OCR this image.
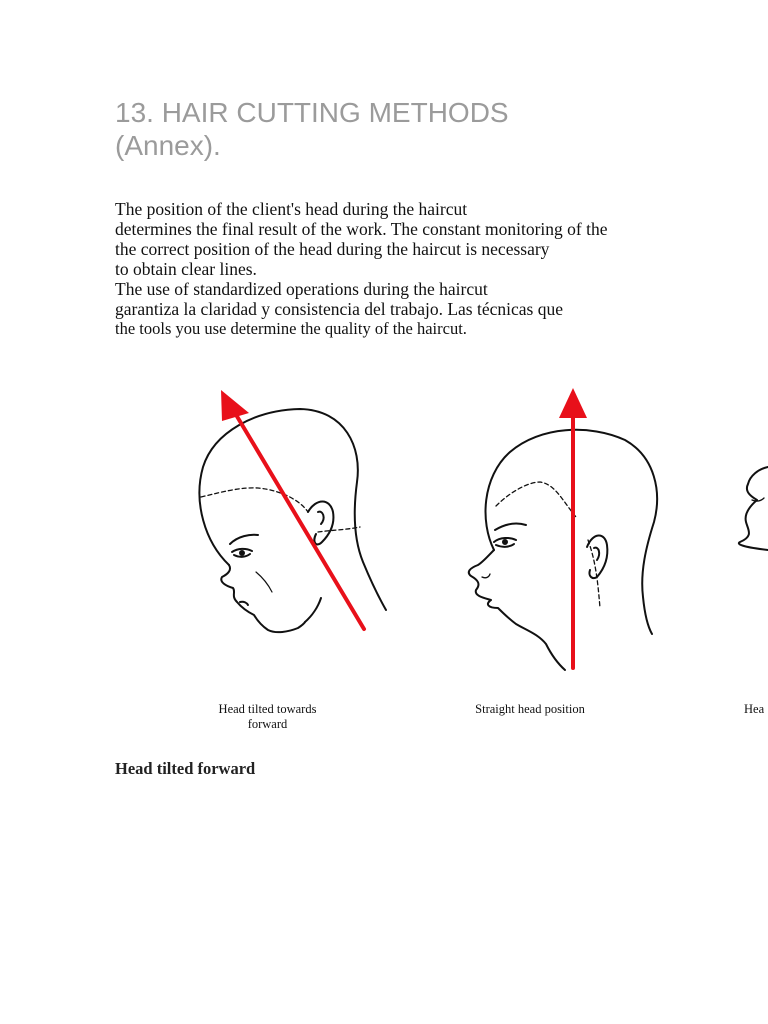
13. HAIR CUTTING METHODS
(Annex).
The position of the client's head during the haircut
determines the final result of the work. The constant monitoring of the
the correct position of the head during the haircut is necessary
to obtain clear lines.
The use of standardized operations during the haircut
garantiza la claridad y consistencia del trabajo. Las técnicas que
the tools you use determine the quality of the haircut.
Head tilted towards
forward
Straight head position	Hea
Head tilted forward
